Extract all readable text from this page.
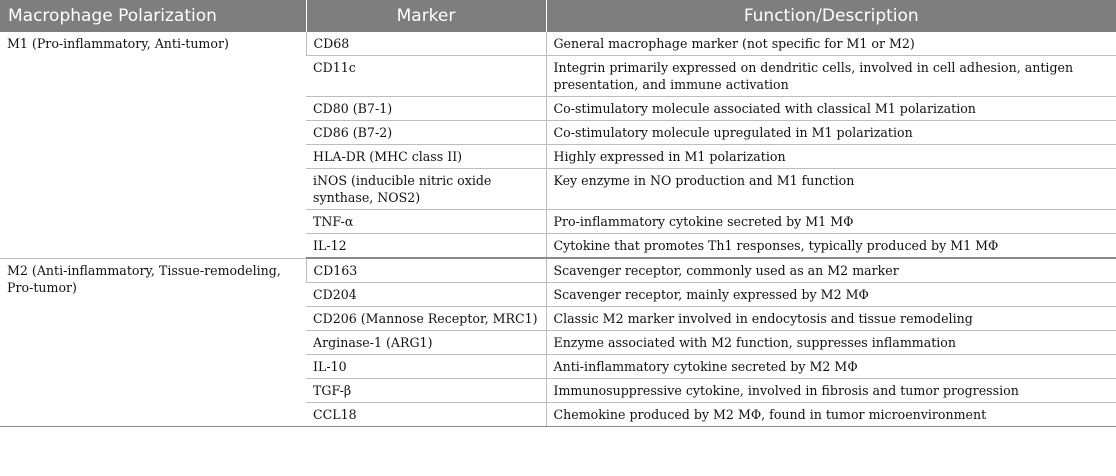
Macrophage Polarization	Marker	Function/Description
M1 (Pro-inflammatory, Anti-tumor)	CD68	General macrophage marker (not specific for M1 or M2)
	CD11c	Integrin primarily expressed on dendritic cells, involved in cell adhesion, antigen presentation, and immune activation
	CD80 (B7-1)	Co-stimulatory molecule associated with classical M1 polarization
	CD86 (B7-2)	Co-stimulatory molecule upregulated in M1 polarization
	HLA-DR (MHC class II)	Highly expressed in M1 polarization
	iNOS (inducible nitric oxide synthase, NOS2)	Key enzyme in NO production and M1 function
	TNF-α	Pro-inflammatory cytokine secreted by M1 MΦ
	IL-12	Cytokine that promotes Th1 responses, typically produced by M1 MΦ
M2 (Anti-inflammatory, Tissue-remodeling, Pro-tumor)	CD163	Scavenger receptor, commonly used as an M2 marker
	CD204	Scavenger receptor, mainly expressed by M2 MΦ
	CD206 (Mannose Receptor, MRC1)	Classic M2 marker involved in endocytosis and tissue remodeling
	Arginase-1 (ARG1)	Enzyme associated with M2 function, suppresses inflammation
	IL-10	Anti-inflammatory cytokine secreted by M2 MΦ
	TGF-β	Immunosuppressive cytokine, involved in fibrosis and tumor progression
	CCL18	Chemokine produced by M2 MΦ, found in tumor microenvironment
